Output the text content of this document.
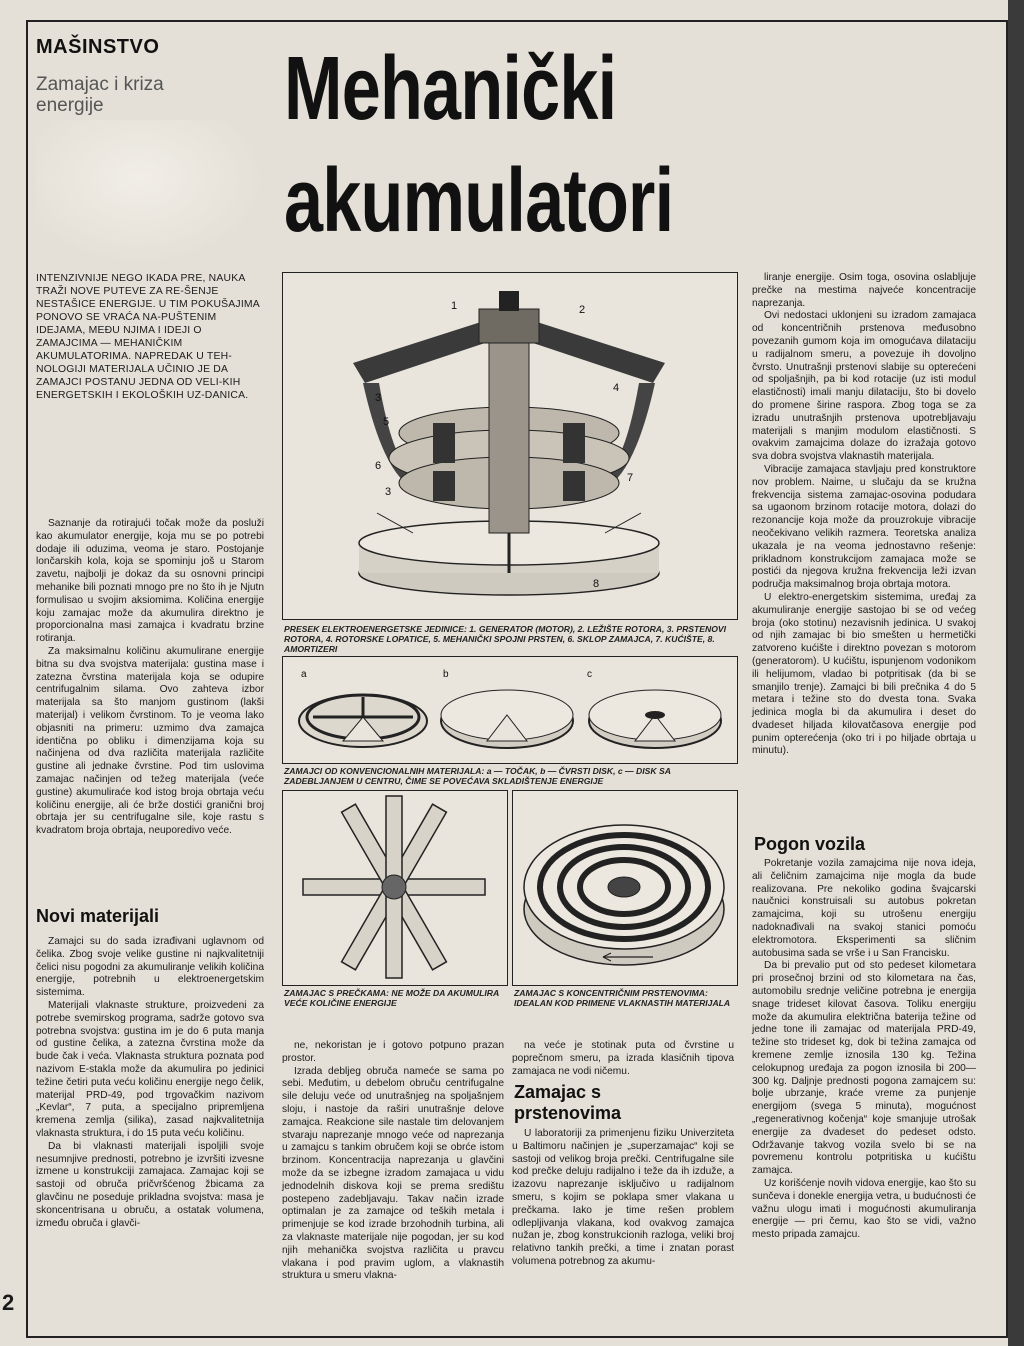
MAŠINSTVO
Zamajac i kriza
energije	Mehanički
akumulatori
INTENZIVNIJE NEGO IKADA PRE, NAUKA TRAŽI NOVE PUTEVE ZA RE-ŠENJE NESTAŠICE ENERGIJE. U TIM POKUŠAJIMA PONOVO SE VRAĆA NA-PUŠTENIM IDEJAMA, MEĐU NJIMA I IDEJI O ZAMAJCIMA — MEHANIČKIM AKUMULATORIMA. NAPREDAK U TEH-NOLOGIJI MATERIJALA UČINIO JE DA ZAMAJCI POSTANU JEDNA OD VELI-KIH ENERGETSKIH I EKOLOŠKIH UZ-DANICA.

Saznanje da rotirajući točak može da posluži kao akumulator energije, koja mu se po potrebi dodaje ili oduzima, veoma je staro. Postojanje lončarskih kola, koja se spominju još u Starom zavetu, najbolji je dokaz da su osnovni principi mehanike bili poznati mnogo pre no što ih je Njutn formulisao u svojim aksiomima. Količina energije koju zamajac može da akumulira direktno je proporcionalna masi zamajca i kvadratu brzine rotiranja.

Za maksimalnu količinu akumulirane energije bitna su dva svojstva materijala: gustina mase i zatezna čvrstina materijala koja se odupire centrifugalnim silama. Ovo zahteva izbor materijala sa što manjom gustinom (lakši materijal) i velikom čvrstinom. To je veoma lako objasniti na primeru: uzmimo dva zamajca identična po obliku i dimenzijama koja su načinjena od dva različita materijala različite gustine ali jednake čvrstine. Pod tim uslovima zamajac načinjen od težeg materijala (veće gustine) akumuliraće kod istog broja obrtaja veću količinu energije, ali će brže dostići granični broj obrtaja jer su centrifugalne sile, koje rastu s kvadratom broja obrtaja, neuporedivo veće.

Novi materijali

Zamajci su do sada izrađivani uglavnom od čelika. Zbog svoje velike gustine ni najkvalitetniji čelici nisu pogodni za akumuliranje velikih količina energije, potrebnih u elektroenergetskim sistemima.

Materijali vlaknaste strukture, proizvedeni za potrebe svemirskog programa, sadrže gotovo sva potrebna svojstva: gustina im je do 6 puta manja od gustine čelika, a zatezna čvrstina može da bude čak i veća. Vlaknasta struktura poznata pod nazivom E-stakla može da akumulira po jedinici težine četiri puta veću količinu energije nego čelik, materijal PRD-49, pod trgovačkim nazivom „Kevlar“, 7 puta, a specijalno pripremljena kremena zemlja (silika), zasad najkvalitetnija vlaknasta struktura, i do 15 puta veću količinu.

Da bi vlaknasti materijali ispoljili svoje nesumnjive prednosti, potrebno je izvršiti izvesne izmene u konstrukciji zamajaca. Zamajac koji se sastoji od obruča pričvršćenog žbicama za glavčinu ne poseduje prikladna svojstva: masa je skoncentrisana u obruču, a ostatak volumena, između obruča i glavči-

1	2
3
4
5
6
7
3
8
PRESEK ELEKTROENERGETSKE JEDINICE: 1. GENERATOR (MOTOR), 2. LEŽIŠTE ROTORA, 3. PRSTENOVI ROTORA, 4. ROTORSKE LOPATICE, 5. MEHANIČKI SPOJNI PRSTEN, 6. SKLOP ZAMAJCA, 7. KUĆIŠTE, 8. AMORTIZERI
a	b	c
ZAMAJCI OD KONVENCIONALNIH MATERIJALA: a — TOČAK, b — ČVRSTI DISK, c — DISK SA ZADEBLJANJEM U CENTRU, ČIME SE POVEĆAVA SKLADIŠTENJE ENERGIJE
ZAMAJAC S PREČKAMA: NE MOŽE DA AKUMULIRA VEĆE KOLIČINE ENERGIJE
ZAMAJAC S KONCENTRIČNIM PRSTENOVIMA: IDEALAN KOD PRIMENE VLAKNASTIH MATERIJALA

ne, nekoristan je i gotovo potpuno prazan prostor.

Izrada debljeg obruča nameće se sama po sebi. Međutim, u debelom obruču centrifugalne sile deluju veće od unutrašnjeg na spoljašnjem sloju, i nastoje da raširi unutrašnje delove zamajca. Reakcione sile nastale tim delovanjem stvaraju naprezanje mnogo veće od naprezanja u zamajcu s tankim obručem koji se obrće istom brzinom. Koncentracija naprezanja u glavčini može da se izbegne izradom zamajaca u vidu jednodelnih diskova koji se prema središtu postepeno zadebljavaju. Takav način izrade optimalan je za zamajce od teških metala i primenjuje se kod izrade brzohodnih turbina, ali za vlaknaste materijale nije pogodan, jer su kod njih mehanička svojstva različita u pravcu vlakana i pod pravim uglom, a vlaknastih struktura u smeru vlakna-

na veće je stotinak puta od čvrstine u poprečnom smeru, pa izrada klasičnih tipova zamajaca ne vodi ničemu.

Zamajac s prstenovima

U laboratoriji za primenjenu fiziku Univerziteta u Baltimoru načinjen je „superzamajac“ koji se sastoji od velikog broja prečki. Centrifugalne sile kod prečke deluju radijalno i teže da ih izduže, a izazovu naprezanje isključivo u radijalnom smeru, s kojim se poklapa smer vlakana u prečkama. Iako je time rešen problem odlepljivanja vlakana, kod ovakvog zamajca nužan je, zbog konstrukcionih razloga, veliki broj relativno tankih prečki, a time i znatan porast volumena potrebnog za akumu-

liranje energije. Osim toga, osovina oslabljuje prečke na mestima najveće koncentracije naprezanja.

Ovi nedostaci uklonjeni su izradom zamajaca od koncentričnih prstenova međusobno povezanih gumom koja im omogućava dilataciju u radijalnom smeru, a povezuje ih dovoljno čvrsto. Unutrašnji prstenovi slabije su opterećeni od spoljašnjih, pa bi kod rotacije (uz isti modul elastičnosti) imali manju dilataciju, što bi dovelo do promene širine raspora. Zbog toga se za izradu unutrašnjih prstenova upotrebljavaju materijali s manjim modulom elastičnosti. S ovakvim zamajcima dolaze do izražaja gotovo sva dobra svojstva vlaknastih materijala.

Vibracije zamajaca stavljaju pred konstruktore nov problem. Naime, u slučaju da se kružna frekvencija sistema zamajac-osovina podudara sa ugaonom brzinom rotacije motora, dolazi do rezonancije koja može da prouzrokuje vibracije neočekivano velikih razmera. Teoretska analiza ukazala je na veoma jednostavno rešenje: prikladnom konstrukcijom zamajaca može se postići da njegova kružna frekvencija leži izvan područja maksimalnog broja obrtaja motora.

U elektro-energetskim sistemima, uređaj za akumuliranje energije sastojao bi se od većeg broja (oko stotinu) nezavisnih jedinica. U svakoj od njih zamajac bi bio smešten u hermetički zatvoreno kućište i direktno povezan s motorom (generatorom). U kućištu, ispunjenom vodonikom ili helijumom, vladao bi potpritisak (da bi se smanjilo trenje). Zamajci bi bili prečnika 4 do 5 metara i težine sto do dvesta tona. Svaka jedinica mogla bi da akumulira i deset do dvadeset hiljada kilovatčasova energije pod punim opterećenja (oko tri i po hiljade obrtaja u minutu).

Pogon vozila

Pokretanje vozila zamajcima nije nova ideja, ali čeličnim zamajcima nije mogla da bude realizovana. Pre nekoliko godina švajcarski naučnici konstruisali su autobus pokretan zamajcima, koji su utrošenu energiju nadoknađivali na svakoj stanici pomoću elektromotora. Eksperimenti sa sličnim autobusima sada se vrše i u San Francisku.

Da bi prevalio put od sto pedeset kilometara pri prosečnoj brzini od sto kilometara na čas, automobilu srednje veličine potrebna je energija snage trideset kilovat časova. Toliku energiju može da akumulira električna baterija težine od jedne tone ili zamajac od materijala PRD-49, težine sto trideset kg, dok bi težina zamajca od kremene zemlje iznosila 130 kg. Težina celokupnog uređaja za pogon iznosila bi 200—300 kg. Daljnje prednosti pogona zamajcem su: bolje ubrzanje, kraće vreme za punjenje energijom (svega 5 minuta), mogućnost „regenerativnog kočenja“ koje smanjuje utrošak energije za dvadeset do pedeset odsto. Održavanje takvog vozila svelo bi se na povremenu kontrolu potpritiska u kućištu zamajca.

Uz korišćenje novih vidova energije, kao što su sunčeva i donekle energija vetra, u budućnosti će važnu ulogu imati i mogućnosti akumuliranja energije — pri čemu, kao što se vidi, važno mesto pripada zamajcu.

2
